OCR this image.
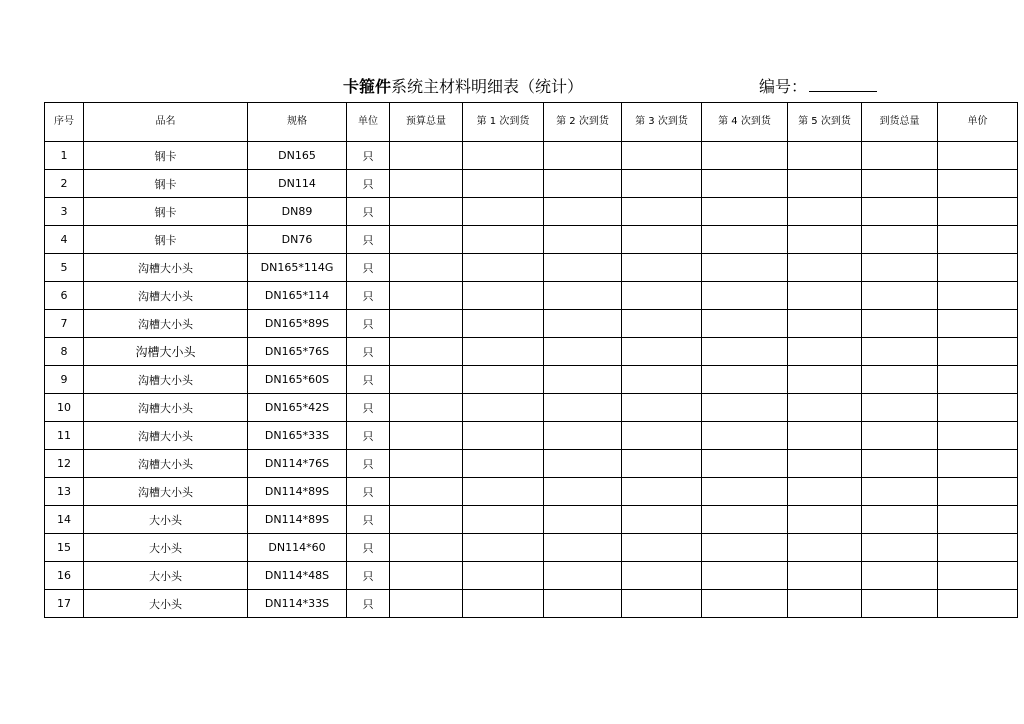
卡箍件系统主材料明细表（统计）	编号：
序号	品名	规格	单位	预算总量	第 1 次到货	第 2 次到货	第 3 次到货	第 4 次到货	第 5 次到货	到货总量	单价
1	钢卡	DN165	只								
2	钢卡	DN114	只								
3	钢卡	DN89	只								
4	钢卡	DN76	只								
5	沟槽大小头	DN165*114G	只								
6	沟槽大小头	DN165*114	只								
7	沟槽大小头	DN165*89S	只								
8	沟槽大小头	DN165*76S	只								
9	沟槽大小头	DN165*60S	只								
10	沟槽大小头	DN165*42S	只								
11	沟槽大小头	DN165*33S	只								
12	沟槽大小头	DN114*76S	只								
13	沟槽大小头	DN114*89S	只								
14	大小头	DN114*89S	只								
15	大小头	DN114*60	只								
16	大小头	DN114*48S	只								
17	大小头	DN114*33S	只								
